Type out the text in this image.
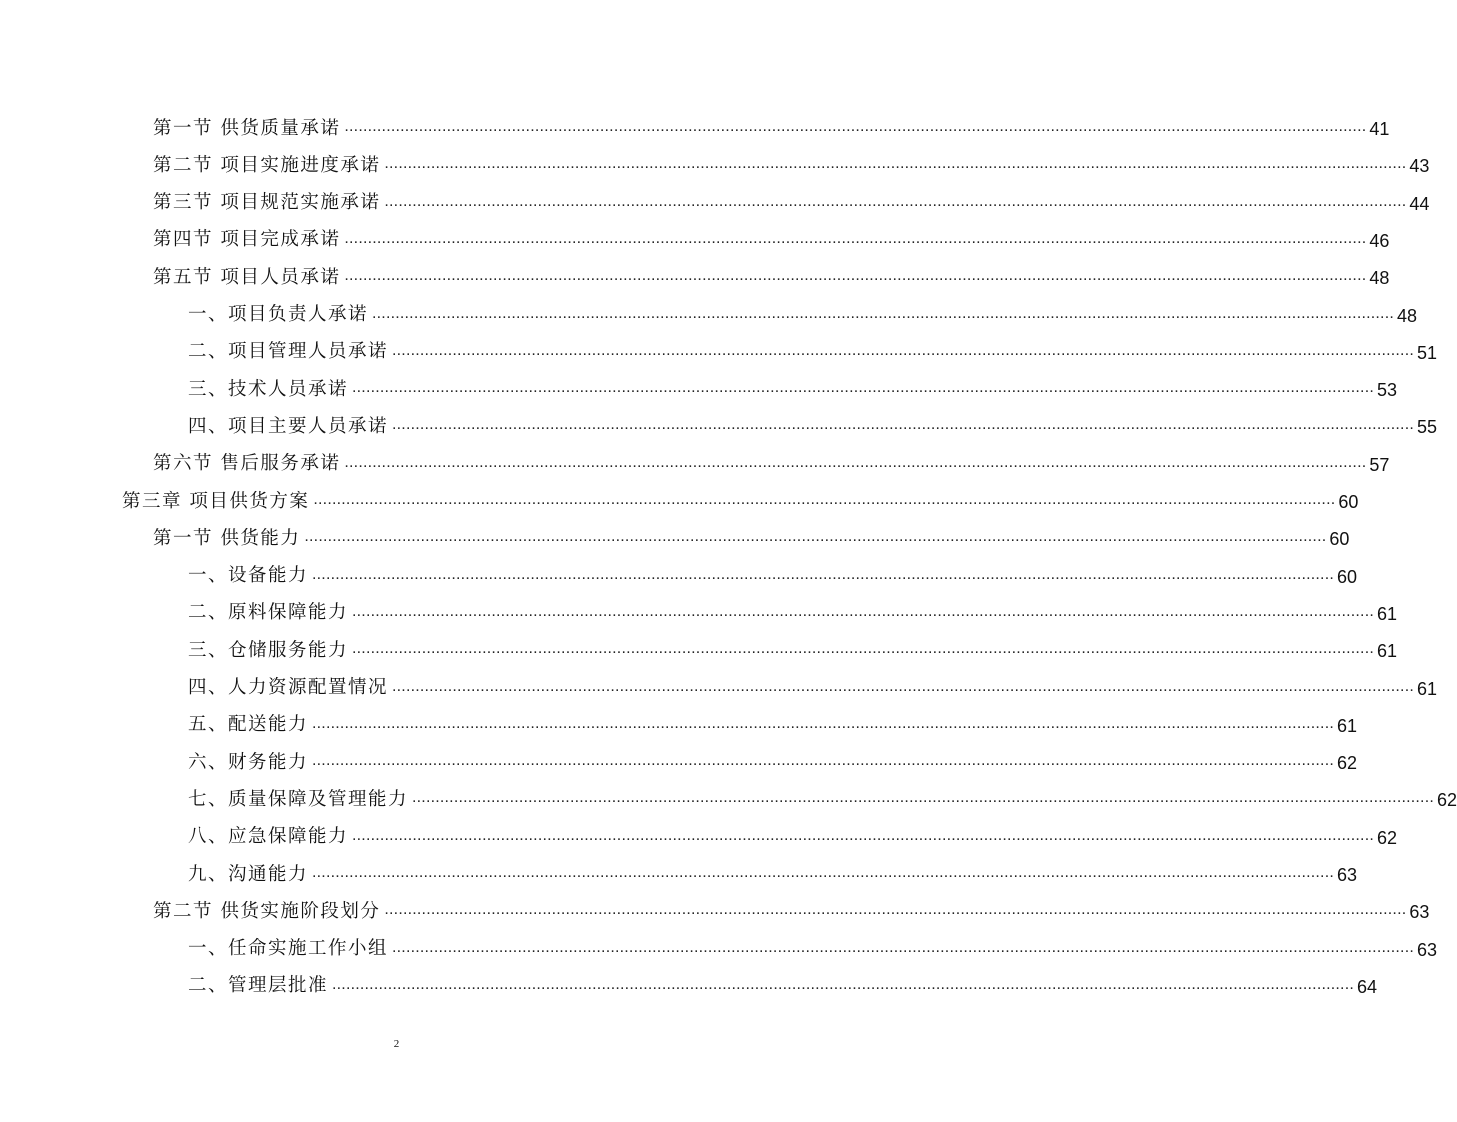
第一节 供货质量承诺 ............................................................................................................................................................................................................................ 41
第二节 项目实施进度承诺 ............................................................................................................................................................................................................................ 43
第三节 项目规范实施承诺 ............................................................................................................................................................................................................................ 44
第四节 项目完成承诺 ............................................................................................................................................................................................................................ 46
第五节 项目人员承诺 ............................................................................................................................................................................................................................ 48
一、项目负责人承诺 ............................................................................................................................................................................................................................ 48
二、项目管理人员承诺 ............................................................................................................................................................................................................................ 51
三、技术人员承诺 ............................................................................................................................................................................................................................ 53
四、项目主要人员承诺 ............................................................................................................................................................................................................................ 55
第六节 售后服务承诺 ............................................................................................................................................................................................................................ 57
第三章 项目供货方案 ............................................................................................................................................................................................................................ 60
第一节 供货能力 ............................................................................................................................................................................................................................ 60
一、设备能力 ............................................................................................................................................................................................................................ 60
二、原料保障能力 ............................................................................................................................................................................................................................ 61
三、仓储服务能力 ............................................................................................................................................................................................................................ 61
四、人力资源配置情况 ............................................................................................................................................................................................................................ 61
五、配送能力 ............................................................................................................................................................................................................................ 61
六、财务能力 ............................................................................................................................................................................................................................ 62
七、质量保障及管理能力 ............................................................................................................................................................................................................................ 62
八、应急保障能力 ............................................................................................................................................................................................................................ 62
九、沟通能力 ............................................................................................................................................................................................................................ 63
第二节 供货实施阶段划分 ............................................................................................................................................................................................................................ 63
一、任命实施工作小组 ............................................................................................................................................................................................................................ 63
二、管理层批准 ............................................................................................................................................................................................................................ 64
2
